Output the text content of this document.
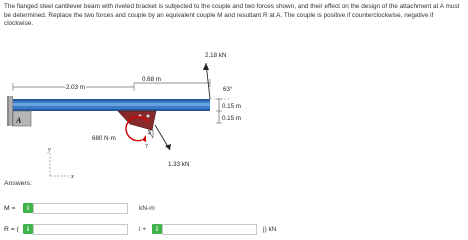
The flanged steel cantilever beam with riveted bracket is subjected to the couple and two forces shown, and their effect on the design of the attachment at A must be determined. Replace the two forces and couple by an equivalent couple M and resultant R at A. The couple is positive if counterclockwise, negative if clockwise.
A
680 N·m
4
7
1.33 kN
2.18 kN
63°
0.15 m
0.15 m
2.03 m
0.68 m
y
x
Answers:
M =	i	kN-m
R = (	i	i +	i	j) kN
